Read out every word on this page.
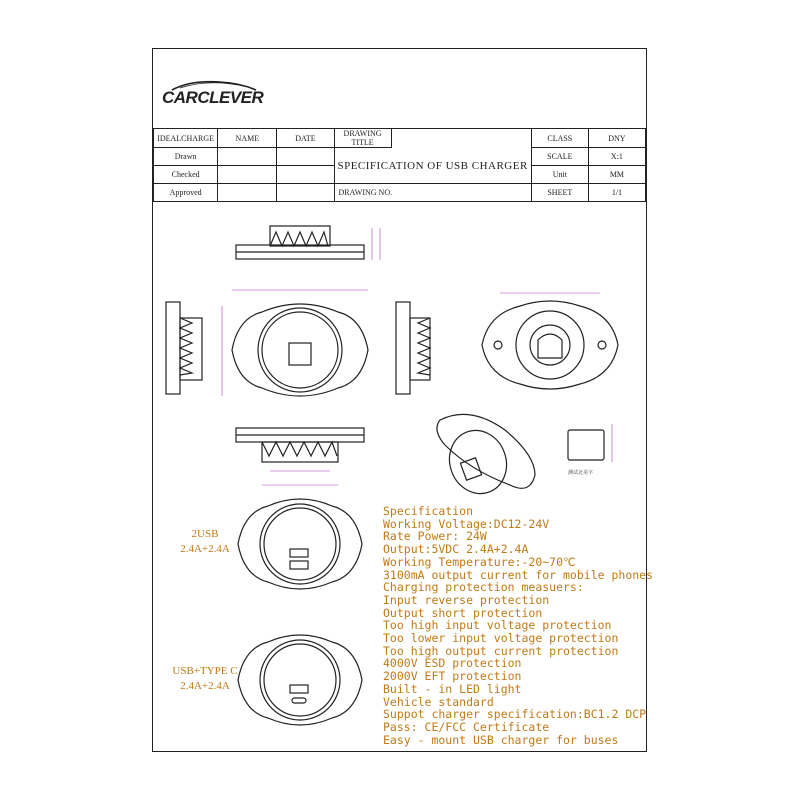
CARCLEVER
IDEALCHARGE	NAME	DATE	DRAWING TITLE		CLASS	DNY
Drawn			SPECIFICATION OF USB CHARGER		SCALE	X:1
Checked					Unit	MM
Approved			DRAWING NO.		SHEET	1/1
2USB
2.4A+2.4A
USB+TYPE C
2.4A+2.4A
测试北美字
Specification
Working Voltage:DC12-24V
Rate Power: 24W
Output:5VDC 2.4A+2.4A
Working Temperature:-20~70℃
3100mA output current for mobile phones
Charging protection measuers:
Input reverse protection
Output short protection
Too high input voltage protection
Too lower input voltage protection
Too high output current protection
4000V ESD protection
2000V EFT protection
Built - in LED light
Vehicle standard
Suppot charger specification:BC1.2 DCP
Pass: CE/FCC Certificate
Easy - mount USB charger for buses
